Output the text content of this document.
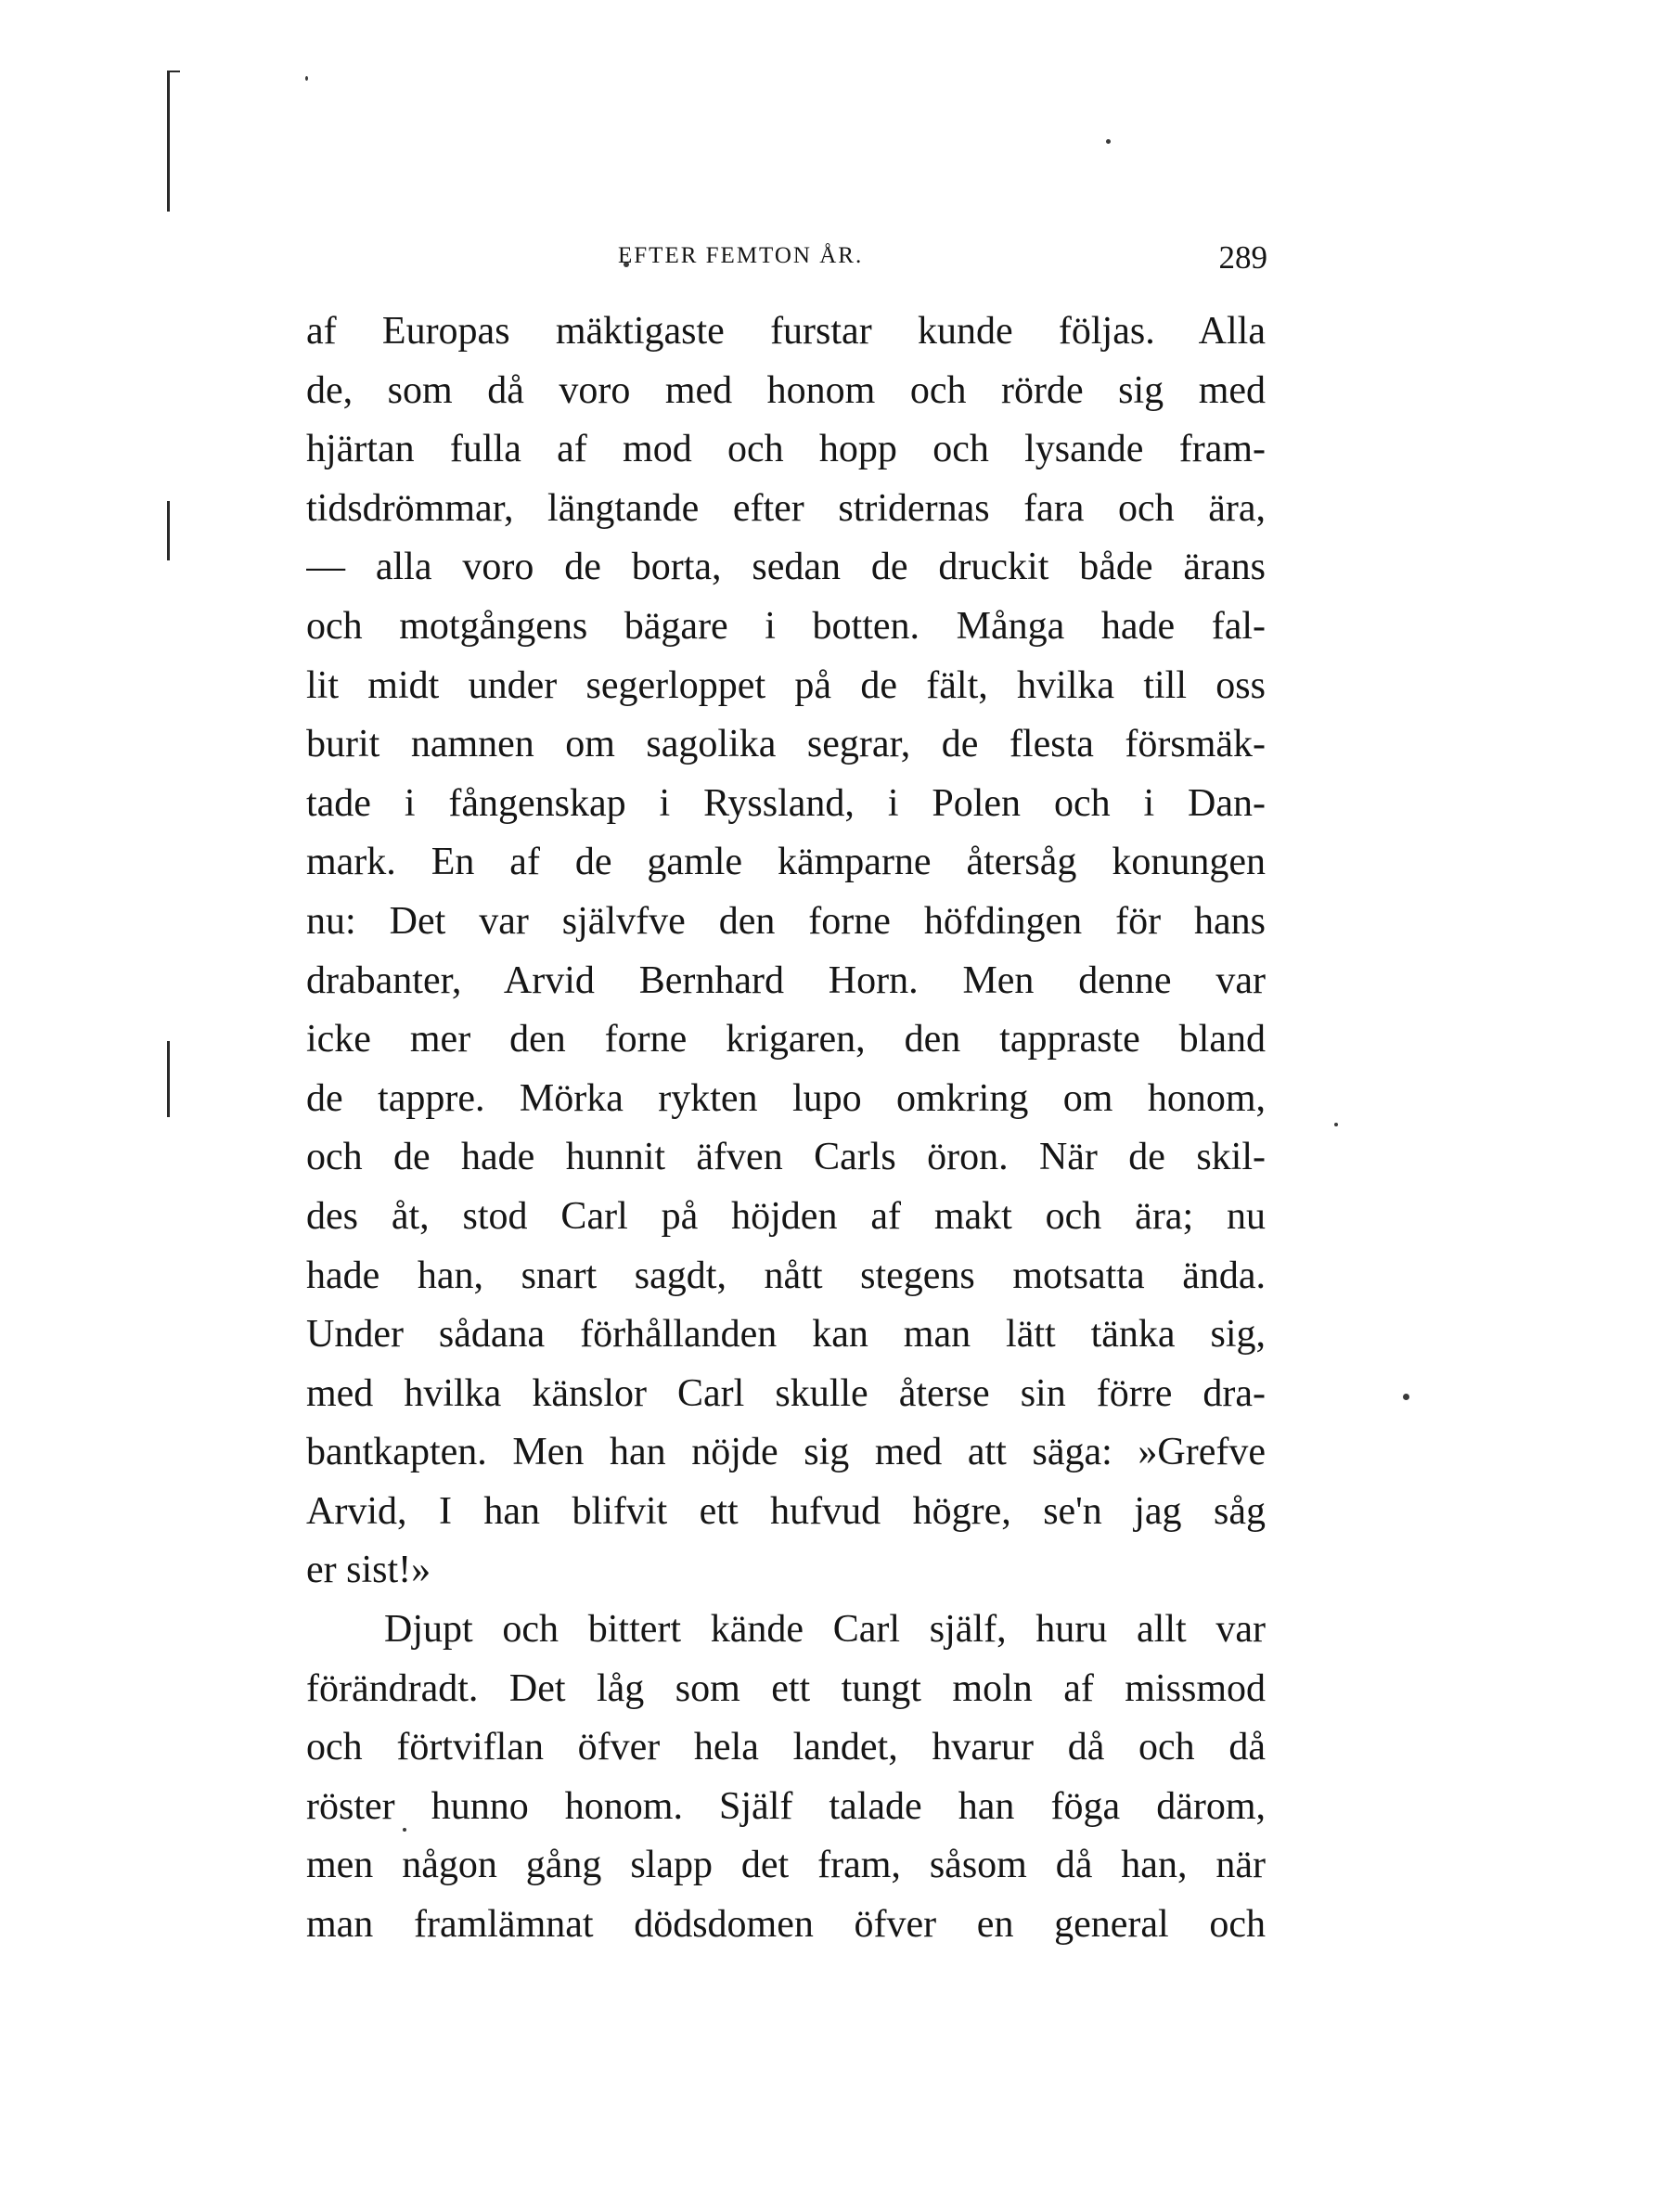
EFTER FEMTON ÅR.	289
af Europas mäktigaste furstar kunde följas. Alla
de, som då voro med honom och rörde sig med
hjärtan fulla af mod och hopp och lysande fram-
tidsdrömmar, längtande efter stridernas fara och ära,
— alla voro de borta, sedan de druckit både ärans
och motgångens bägare i botten. Många hade fal-
lit midt under segerloppet på de fält, hvilka till oss
burit namnen om sagolika segrar, de flesta försmäk-
tade i fångenskap i Ryssland, i Polen och i Dan-
mark. En af de gamle kämparne återsåg konungen
nu: Det var självfve den forne höfdingen för hans
drabanter, Arvid Bernhard Horn. Men denne var
icke mer den forne krigaren, den tappraste bland
de tappre. Mörka rykten lupo omkring om honom,
och de hade hunnit äfven Carls öron. När de skil-
des åt, stod Carl på höjden af makt och ära; nu
hade han, snart sagdt, nått stegens motsatta ända.
Under sådana förhållanden kan man lätt tänka sig,
med hvilka känslor Carl skulle återse sin förre dra-
bantkapten. Men han nöjde sig med att säga: »Grefve
Arvid, I han blifvit ett hufvud högre, se'n jag såg
er sist!»
Djupt och bittert kände Carl själf, huru allt var
förändradt. Det låg som ett tungt moln af missmod
och förtviflan öfver hela landet, hvarur då och då
röster hunno honom. Själf talade han föga därom,
men någon gång slapp det fram, såsom då han, när
man framlämnat dödsdomen öfver en general och
